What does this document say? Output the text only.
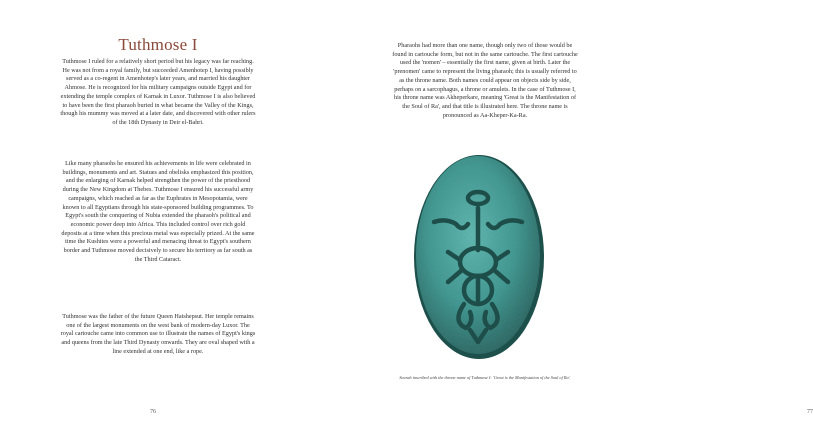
Tuthmose I

Tuthmose I ruled for a relatively short period but his legacy was far reaching. He was not from a royal family, but succeeded Amenhotep I, having possibly served as a co-regent in Amenhotep's later years, and married his daughter Ahmose. He is recognized for his military campaigns outside Egypt and for extending the temple complex of Karnak in Luxor. Tuthmose I is also believed to have been the first pharaoh buried in what became the Valley of the Kings, though his mummy was moved at a later date, and discovered with other rulers of the 18th Dynasty in Deir el-Bahri.

Like many pharaohs he ensured his achievements in life were celebrated in buildings, monuments and art. Statues and obelisks emphasized this position, and the enlarging of Karnak helped strengthen the power of the priesthood during the New Kingdom at Thebes. Tuthmose I ensured his successful army campaigns, which reached as far as the Euphrates in Mesopotamia, were known to all Egyptians through his state-sponsored building programmes. To Egypt's south the conquering of Nubia extended the pharaoh's political and economic power deep into Africa. This included control over rich gold deposits at a time when this precious metal was especially prized. At the same time the Kushites were a powerful and menacing threat to Egypt's southern border and Tuthmose moved decisively to secure his territory as far south as the Third Cataract.

Tuthmose was the father of the future Queen Hatshepsut. Her temple remains one of the largest monuments on the west bank of modern-day Luxor. The royal cartouche came into common use to illustrate the names of Egypt's kings and queens from the late Third Dynasty onwards. They are oval shaped with a line extended at one end, like a rope.

76	77

Pharaohs had more than one name, though only two of those would be found in cartouche form, but not in the same cartouche. The first cartouche used the 'nomen' – essentially the first name, given at birth. Later the 'prenomen' came to represent the living pharaoh; this is usually referred to as the throne name. Both names could appear on objects side by side, perhaps on a sarcophagus, a throne or amulets. In the case of Tuthmose I, his throne name was Akheperkare, meaning 'Great is the Manifestation of the Soul of Ra', and that title is illustrated here. The throne name is pronounced as Aa-Kheper-Ka-Ra.

Scarab inscribed with the throne name of Tuthmose I: 'Great is the Manifestation of the Soul of Ra'.
